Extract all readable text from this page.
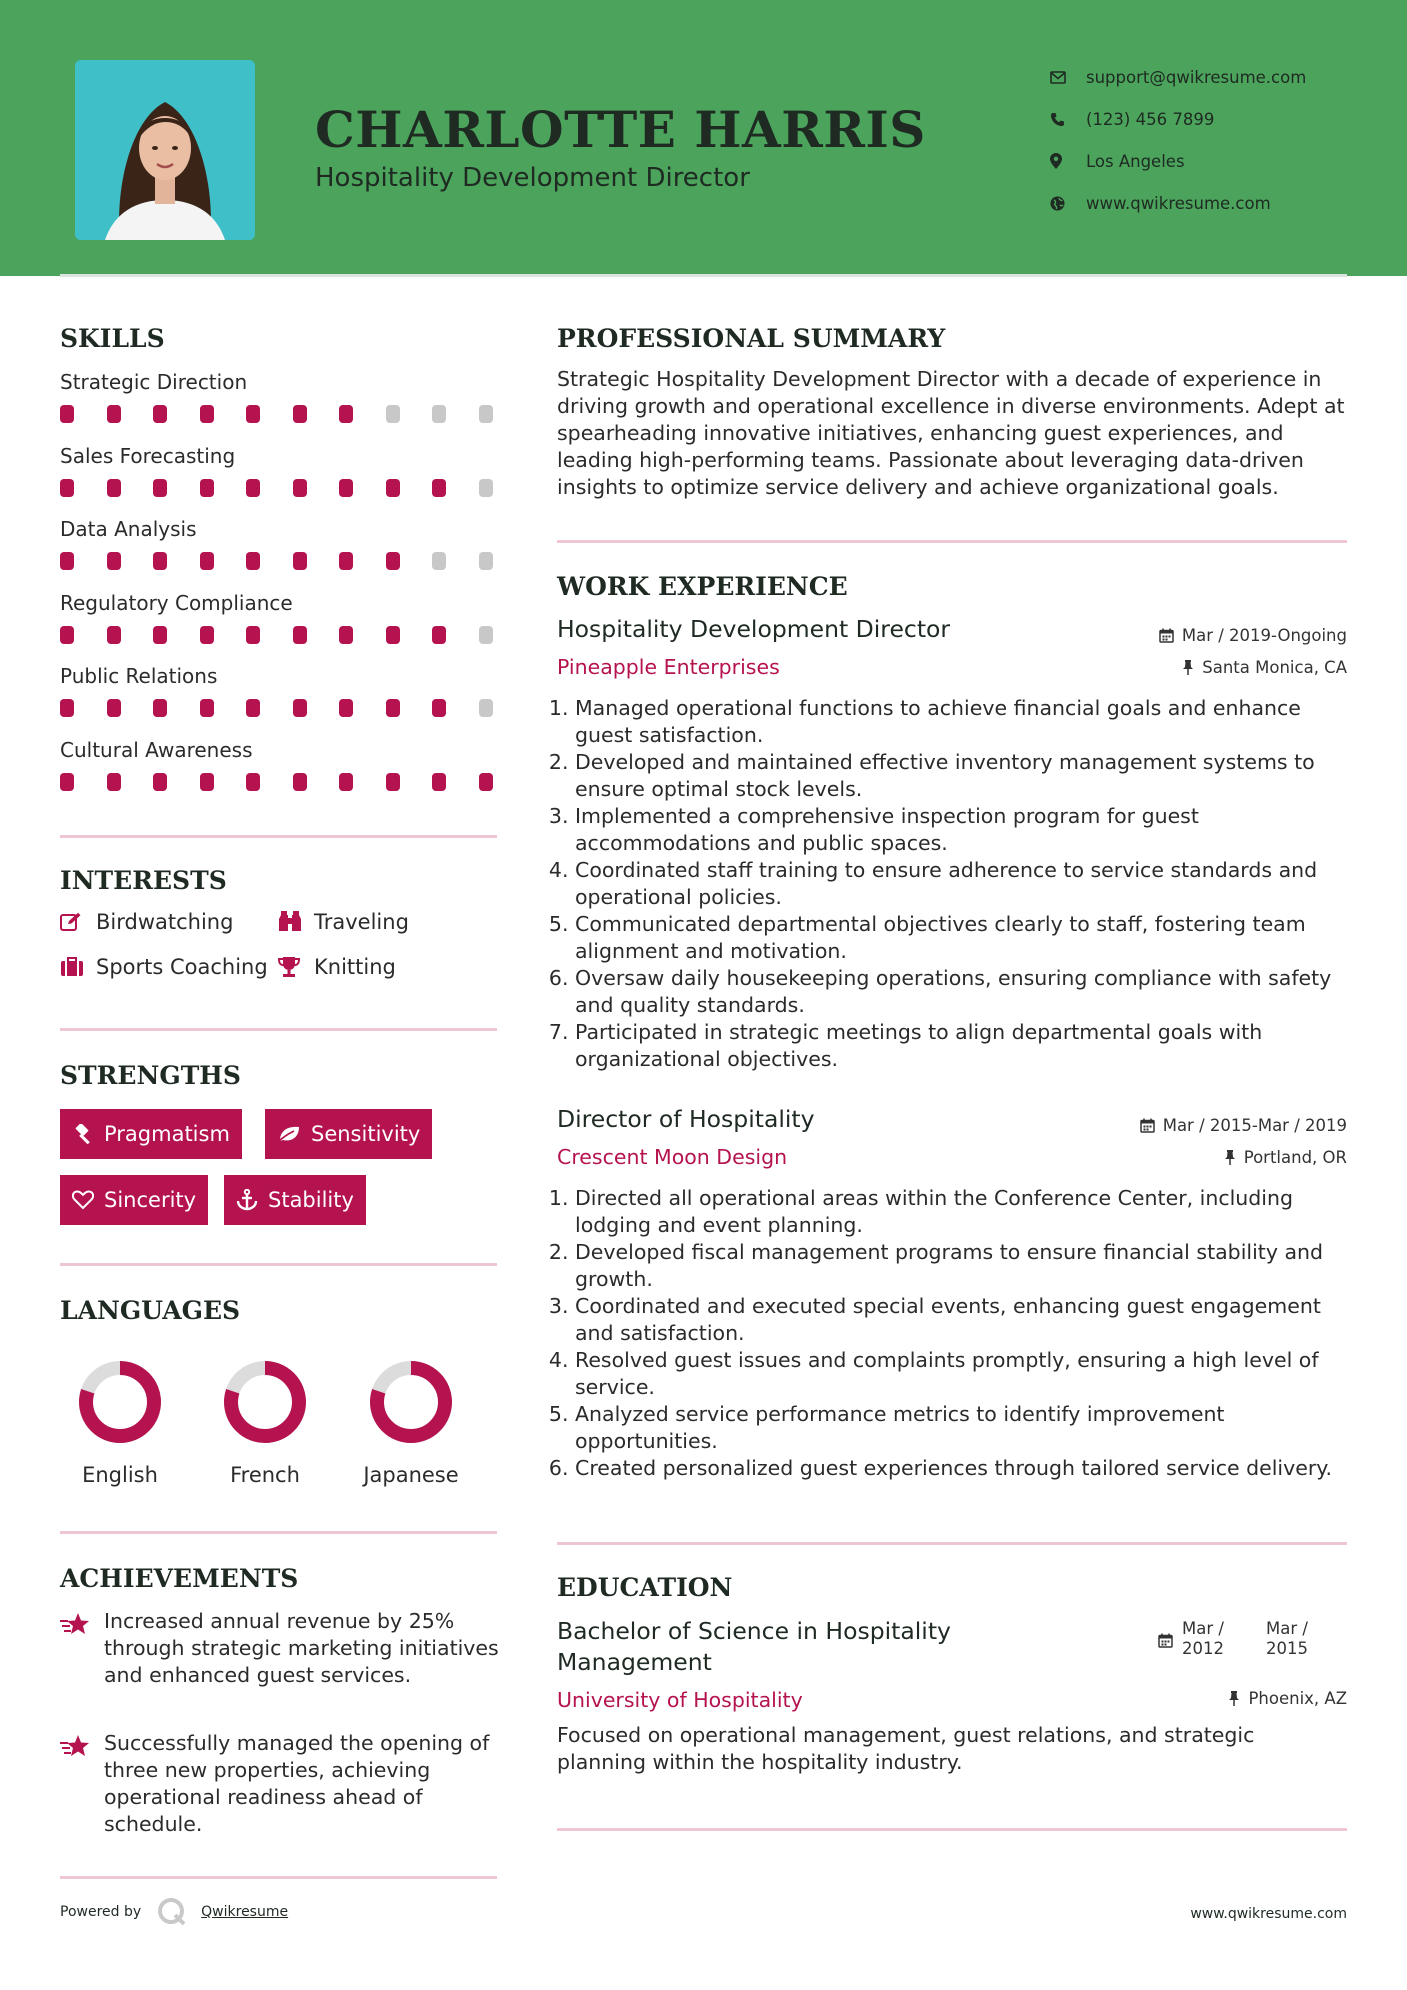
CHARLOTTE HARRIS
Hospitality Development Director
support@qwikresume.com
(123) 456 7899
Los Angeles
www.qwikresume.com
SKILLS
Strategic Direction
Sales Forecasting
Data Analysis
Regulatory Compliance
Public Relations
Cultural Awareness
INTERESTS
Birdwatching	Traveling
Sports Coaching Knitting
STRENGTHS
Pragmatism	Sensitivity
Sincerity	Stability
LANGUAGES
English	French	Japanese
ACHIEVEMENTS
Increased annual revenue by 25% through strategic marketing initiatives and enhanced guest services.
Successfully managed the opening of three new properties, achieving operational readiness ahead of schedule.
PROFESSIONAL SUMMARY
Strategic Hospitality Development Director with a decade of experience in driving growth and operational excellence in diverse environments. Adept at spearheading innovative initiatives, enhancing guest experiences, and leading high-performing teams. Passionate about leveraging data-driven insights to optimize service delivery and achieve organizational goals.
WORK EXPERIENCE
Hospitality Development Director
Pineapple Enterprises
Mar / 2019-Ongoing
Santa Monica, CA
1. Managed operational functions to achieve financial goals and enhance guest satisfaction.
2. Developed and maintained effective inventory management systems to ensure optimal stock levels.
3. Implemented a comprehensive inspection program for guest accommodations and public spaces.
4. Coordinated staff training to ensure adherence to service standards and operational policies.
5. Communicated departmental objectives clearly to staff, fostering team alignment and motivation.
6. Oversaw daily housekeeping operations, ensuring compliance with safety and quality standards.
7. Participated in strategic meetings to align departmental goals with organizational objectives.
Director of Hospitality
Crescent Moon Design
Mar / 2015-Mar / 2019
Portland, OR
1. Directed all operational areas within the Conference Center, including lodging and event planning.
2. Developed fiscal management programs to ensure financial stability and growth.
3. Coordinated and executed special events, enhancing guest engagement and satisfaction.
4. Resolved guest issues and complaints promptly, ensuring a high level of service.
5. Analyzed service performance metrics to identify improvement opportunities.
6. Created personalized guest experiences through tailored service delivery.
EDUCATION
Bachelor of Science in Hospitality
Management
University of Hospitality
Mar /
2012
Mar /
2015
Phoenix, AZ
Focused on operational management, guest relations, and strategic planning within the hospitality industry.
Powered by	Qwikresume	www.qwikresume.com
